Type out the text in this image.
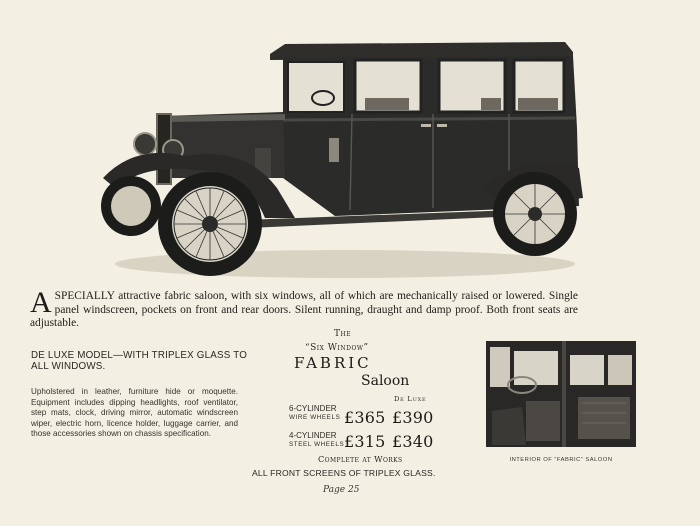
ASPECIALLY attractive fabric saloon, with six windows, all of which are mechanically raised or lowered. Single panel windscreen, pockets on front and rear doors. Silent running, draught and damp proof. Both front seats are adjustable.
DE LUXE MODEL—WITH TRIPLEX GLASS TO ALL WINDOWS.
Upholstered in leather, furniture hide or moquette. Equipment includes dipping headlights, roof ventilator, step mats, clock, driving mirror, automatic windscreen wiper, electric horn, licence holder, luggage carrier, and those accessories shown on chassis specification.
The
“Six Window”
FABRIC
Saloon
De Luxe
6-CYLINDER
WIRE WHEELS £365 £390
4-CYLINDER
STEEL WHEELS £315 £340
Complete at Works
ALL FRONT SCREENS OF TRIPLEX GLASS.
Page 25
INTERIOR OF “FABRIC” SALOON
